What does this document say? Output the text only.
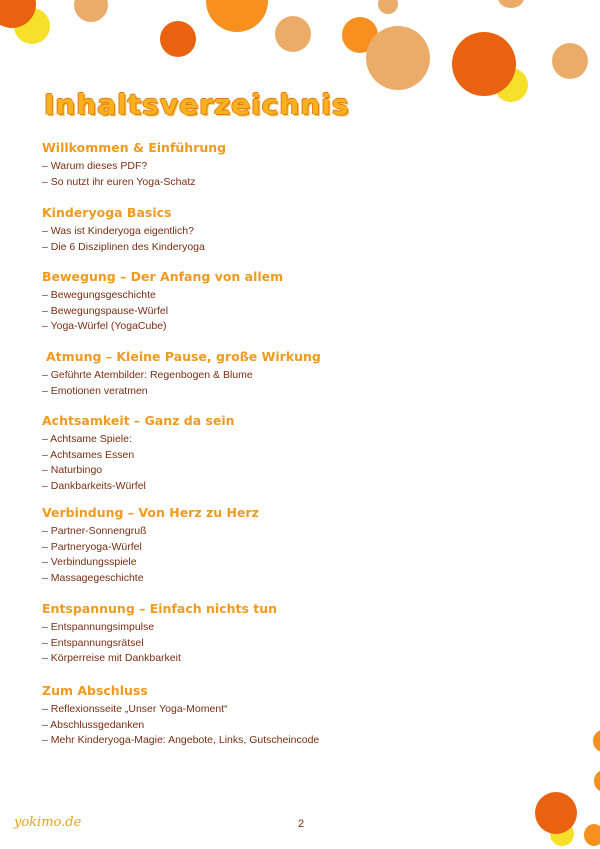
Inhaltsverzeichnis
Willkommen & Einführung
– Warum dieses PDF?
– So nutzt ihr euren Yoga-Schatz
Kinderyoga Basics
– Was ist Kinderyoga eigentlich?
– Die 6 Disziplinen des Kinderyoga
Bewegung – Der Anfang von allem
– Bewegungsgeschichte
– Bewegungspause-Würfel
– Yoga-Würfel (YogaCube)
Atmung – Kleine Pause, große Wirkung
– Geführte Atembilder: Regenbogen & Blume
– Emotionen veratmen
Achtsamkeit – Ganz da sein
– Achtsame Spiele:
– Achtsames Essen
– Naturbingo
– Dankbarkeits-Würfel
Verbindung – Von Herz zu Herz
– Partner-Sonnengruß
– Partneryoga-Würfel
– Verbindungsspiele
– Massagegeschichte
Entspannung – Einfach nichts tun
– Entspannungsimpulse
– Entspannungsrätsel
– Körperreise mit Dankbarkeit
Zum Abschluss
– Reflexionsseite „Unser Yoga-Moment“
– Abschlussgedanken
– Mehr Kinderyoga-Magie: Angebote, Links, Gutscheincode
yokimo.de	2
